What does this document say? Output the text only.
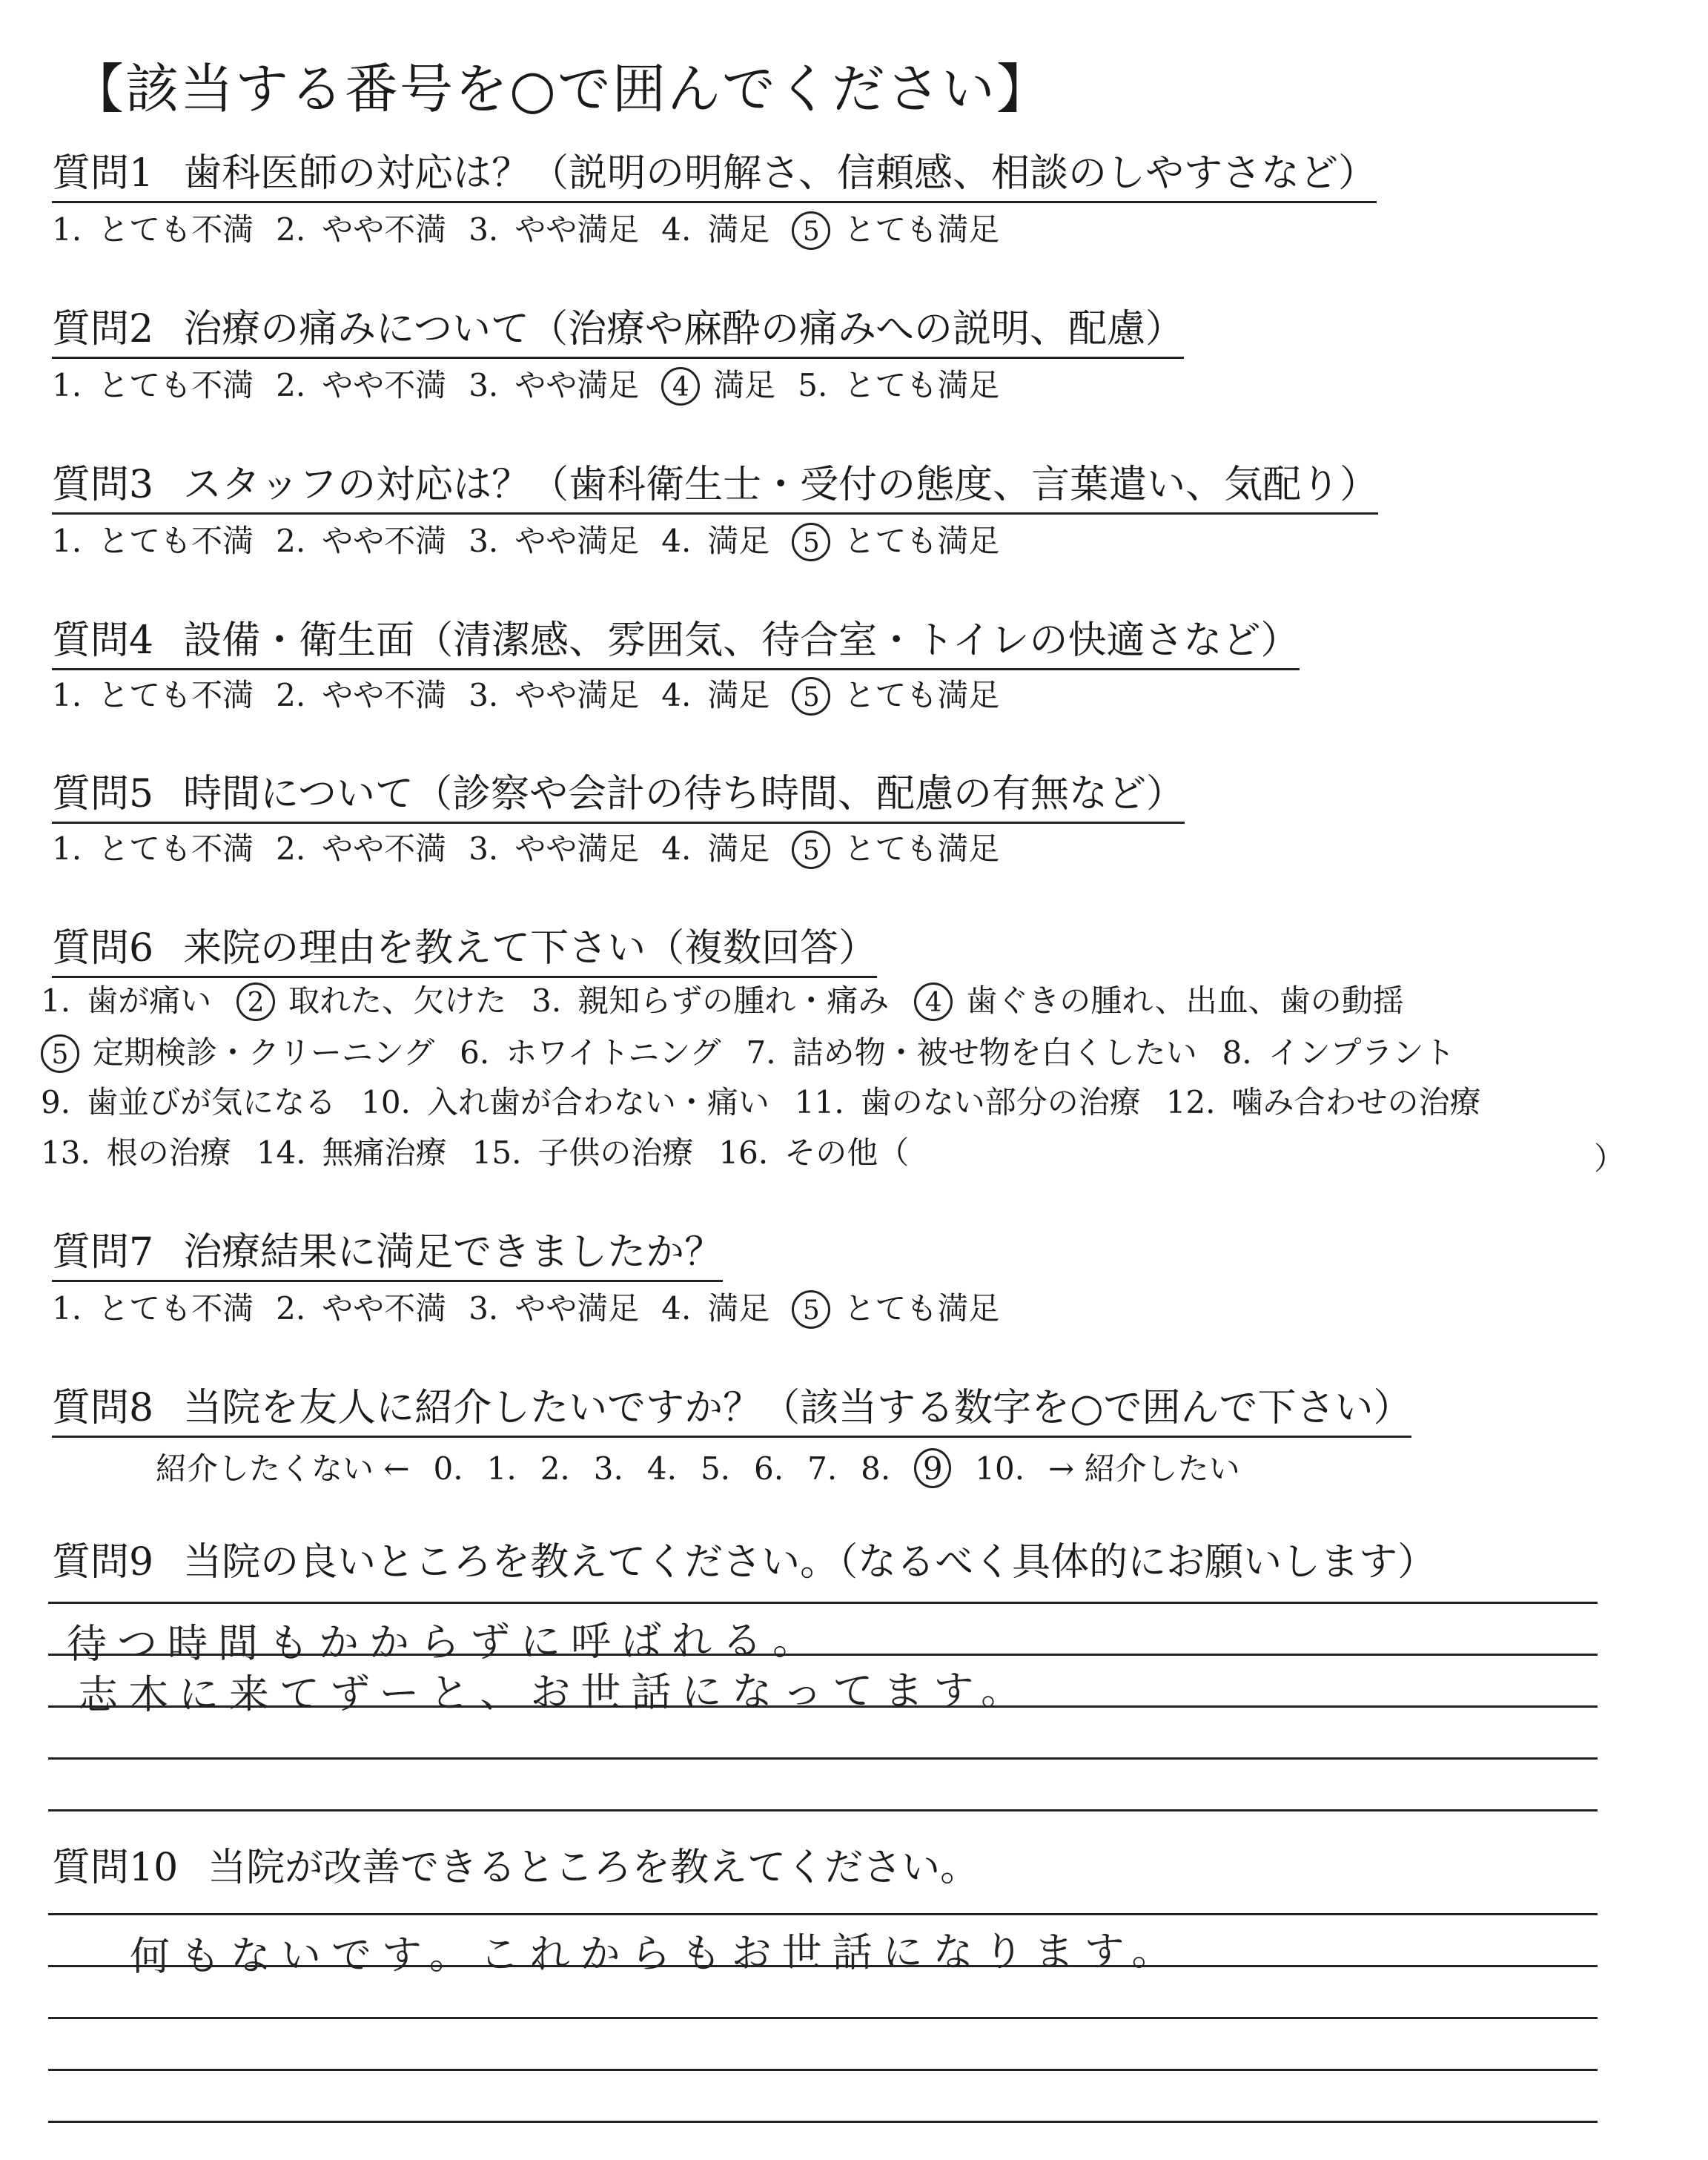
【該当する番号を○で囲んでください】
質問1 歯科医師の対応は？（説明の明解さ、信頼感、相談のしやすさなど）
1. とても不満 2. やや不満 3. やや満足 4. 満足 5 とても満足
質問2 治療の痛みについて（治療や麻酔の痛みへの説明、配慮）
1. とても不満 2. やや不満 3. やや満足 4 満足 5. とても満足
質問3 スタッフの対応は？（歯科衛生士・受付の態度、言葉遣い、気配り）
1. とても不満 2. やや不満 3. やや満足 4. 満足 5 とても満足
質問4 設備・衛生面（清潔感、雰囲気、待合室・トイレの快適さなど）
1. とても不満 2. やや不満 3. やや満足 4. 満足 5 とても満足
質問5 時間について（診察や会計の待ち時間、配慮の有無など）
1. とても不満 2. やや不満 3. やや満足 4. 満足 5 とても満足
質問6 来院の理由を教えて下さい（複数回答）
1. 歯が痛い 2 取れた、欠けた 3. 親知らずの腫れ・痛み 4 歯ぐきの腫れ、出血、歯の動揺
5 定期検診・クリーニング 6. ホワイトニング 7. 詰め物・被せ物を白くしたい 8. インプラント
9. 歯並びが気になる 10. 入れ歯が合わない・痛い 11. 歯のない部分の治療 12. 噛み合わせの治療
13. 根の治療 14. 無痛治療 15. 子供の治療 16. その他（	）
質問7 治療結果に満足できましたか？
1. とても不満 2. やや不満 3. やや満足 4. 満足 5 とても満足
質問8 当院を友人に紹介したいですか？（該当する数字を○で囲んで下さい）
紹介したくない ← 0. 1. 2. 3. 4. 5. 6. 7. 8. 9 10. → 紹介したい
質問9 当院の良いところを教えてください。（なるべく具体的にお願いします）
待つ時間もかからずに呼ばれる。
志木に来てずーと、お世話になってます。
質問10 当院が改善できるところを教えてください。
何もないです。これからもお世話になります。
